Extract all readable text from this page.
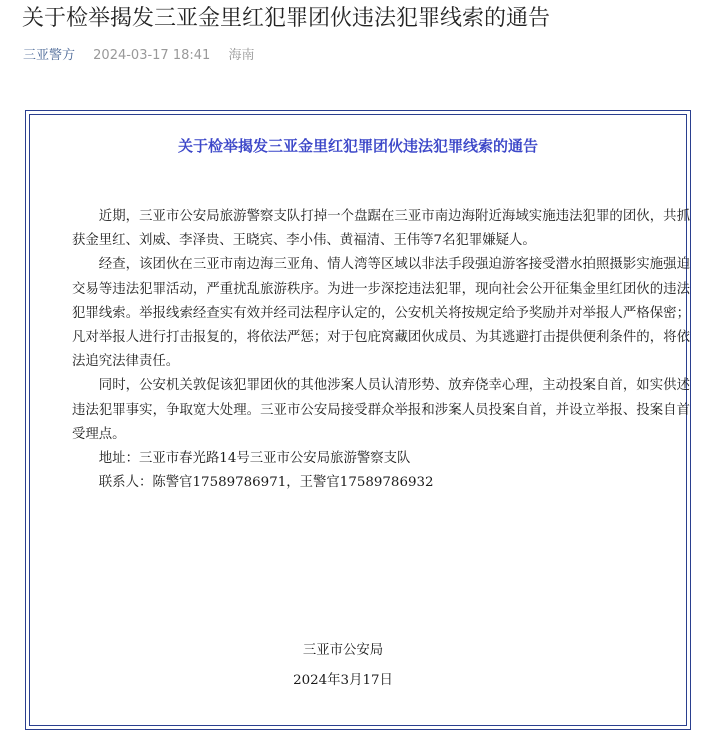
关于检举揭发三亚金里红犯罪团伙违法犯罪线索的通告
三亚警方 2024-03-17 18:41 海南
关于检举揭发三亚金里红犯罪团伙违法犯罪线索的通告

近期，三亚市公安局旅游警察支队打掉一个盘踞在三亚市南边海附近海域实施违法犯罪的团伙，共抓获金里红、刘威、李泽贵、王晓宾、李小伟、黄福清、王伟等7名犯罪嫌疑人。

经查，该团伙在三亚市南边海三亚角、情人湾等区域以非法手段强迫游客接受潜水拍照摄影实施强迫交易等违法犯罪活动，严重扰乱旅游秩序。为进一步深挖违法犯罪，现向社会公开征集金里红团伙的违法犯罪线索。举报线索经查实有效并经司法程序认定的，公安机关将按规定给予奖励并对举报人严格保密；凡对举报人进行打击报复的，将依法严惩；对于包庇窝藏团伙成员、为其逃避打击提供便利条件的，将依法追究法律责任。

同时，公安机关敦促该犯罪团伙的其他涉案人员认清形势、放弃侥幸心理，主动投案自首，如实供述违法犯罪事实，争取宽大处理。三亚市公安局接受群众举报和涉案人员投案自首，并设立举报、投案自首受理点。

地址：三亚市春光路14号三亚市公安局旅游警察支队

联系人：陈警官17589786971，王警官17589786932

三亚市公安局
2024年3月17日
